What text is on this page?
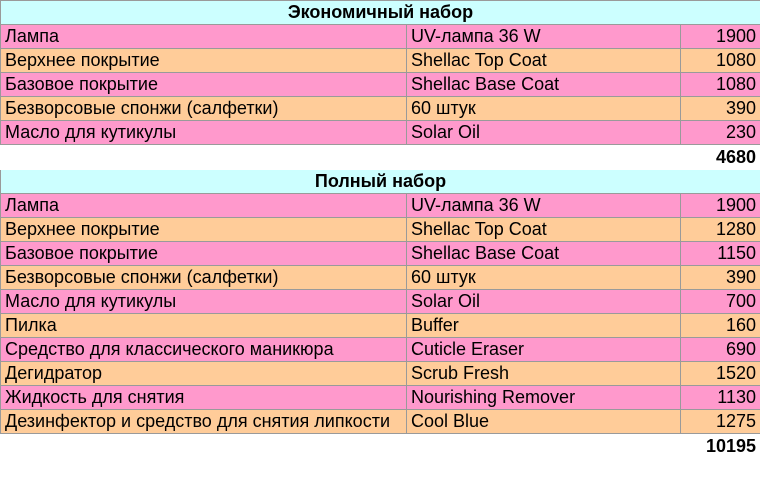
Экономичный набор		
Лампа	UV-лампа 36 W	1900
Верхнее покрытие	Shellac Top Coat	1080
Базовое покрытие	Shellac Base Coat	1080
Безворсовые спонжи (салфетки)	60 штук	390
Масло для кутикулы	Solar Oil	230
		4680
Полный набор		
Лампа	UV-лампа 36 W	1900
Верхнее покрытие	Shellac Top Coat	1280
Базовое покрытие	Shellac Base Coat	1150
Безворсовые спонжи (салфетки)	60 штук	390
Масло для кутикулы	Solar Oil	700
Пилка	Buffer	160
Средство для классического маникюра	Cuticle Eraser	690
Дегидратор	Scrub Fresh	1520
Жидкость для снятия	Nourishing Remover	1130
Дезинфектор и средство для снятия липкости	Cool Blue	1275
		10195
